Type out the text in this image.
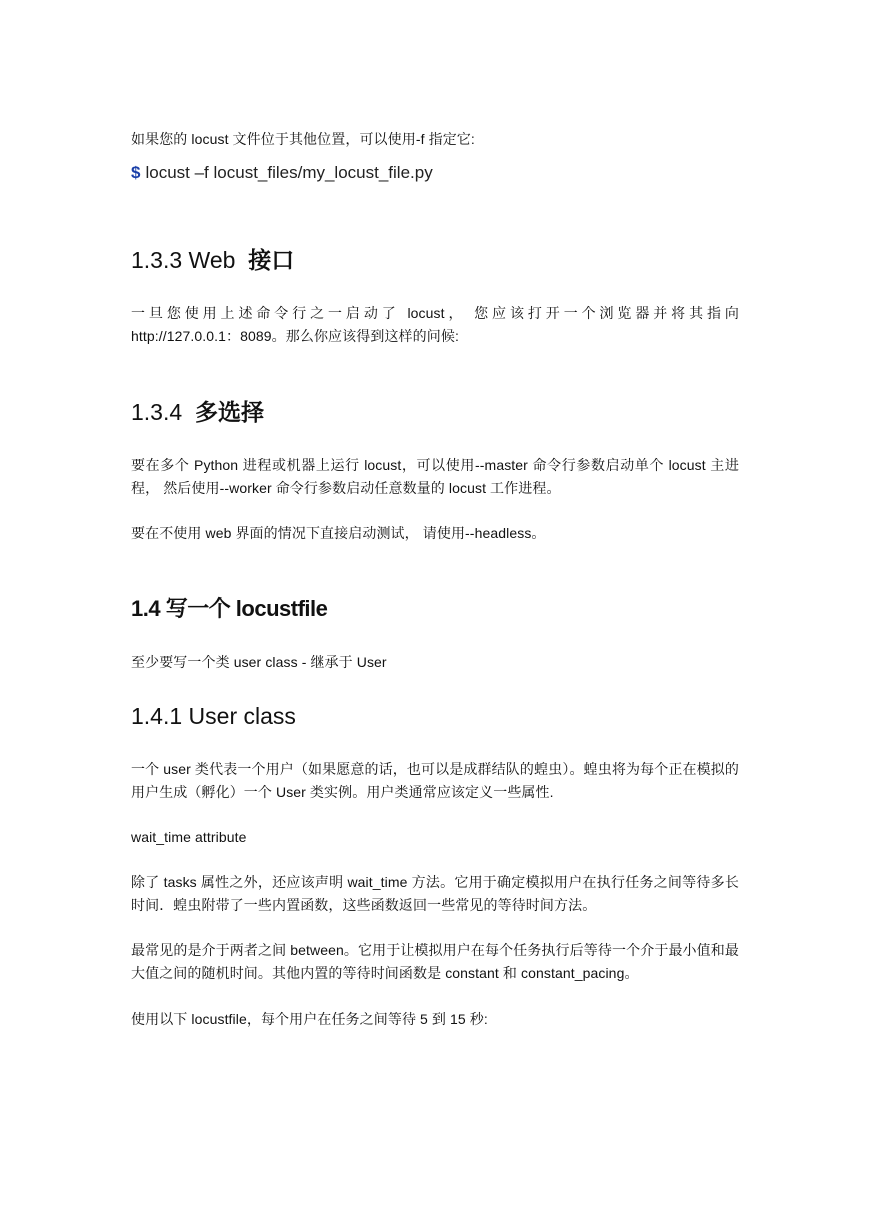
如果您的 locust 文件位于其他位置，可以使用-f 指定它:
$ locust –f locust_files/my_locust_file.py
1.3.3 Web 接口
一旦您使用上述命令行之一启动了 locust， 您应该打开一个浏览器并将其指向
http://127.0.0.1：8089。那么你应该得到这样的问候:
1.3.4 多选择
要在多个 Python 进程或机器上运行 locust，可以使用--master 命令行参数启动单个 locust 主进程， 然后使用--worker 命令行参数启动任意数量的 locust 工作进程。
要在不使用 web 界面的情况下直接启动测试， 请使用--headless。
1.4 写一个 locustfile
至少要写一个类 user class - 继承于 User
1.4.1 User class
一个 user 类代表一个用户（如果愿意的话，也可以是成群结队的蝗虫）。蝗虫将为每个正在模拟的用户生成（孵化）一个 User 类实例。用户类通常应该定义一些属性.
wait_time attribute
除了 tasks 属性之外，还应该声明 wait_time 方法。它用于确定模拟用户在执行任务之间等待多长时间．蝗虫附带了一些内置函数，这些函数返回一些常见的等待时间方法。
最常见的是介于两者之间 between。它用于让模拟用户在每个任务执行后等待一个介于最小值和最大值之间的随机时间。其他内置的等待时间函数是 constant 和 constant_pacing。
使用以下 locustfile，每个用户在任务之间等待 5 到 15 秒:
